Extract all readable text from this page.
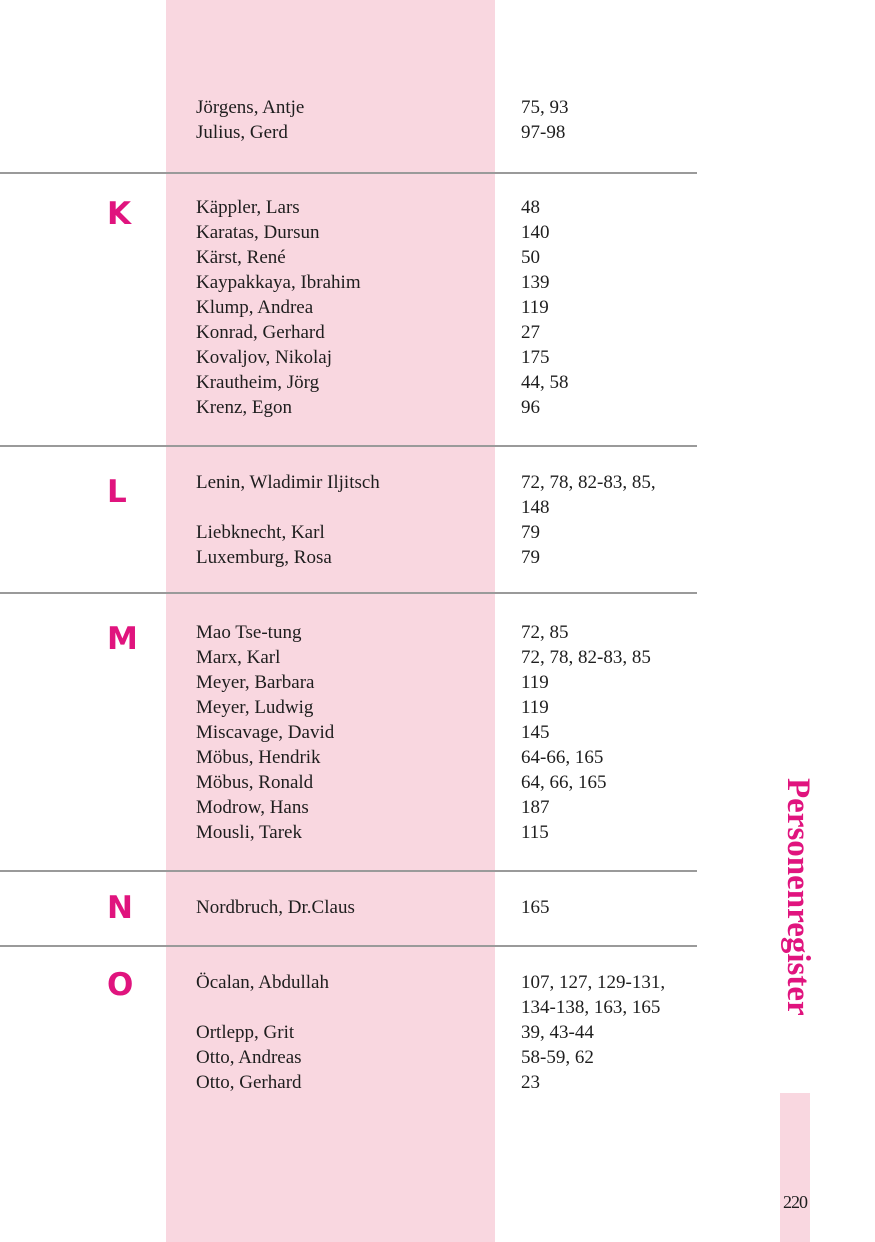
Jörgens, Antje	75, 93
Julius, Gerd	97-98
K	Käppler, Lars	48
Karatas, Dursun	140
Kärst, René	50
Kaypakkaya, Ibrahim	139
Klump, Andrea	119
Konrad, Gerhard	27
Kovaljov, Nikolaj	175
Krautheim, Jörg	44, 58
Krenz, Egon	96
L	Lenin, Wladimir Iljitsch	72, 78, 82-83, 85,
148
Liebknecht, Karl	79
Luxemburg, Rosa	79
M	Mao Tse-tung	72, 85
Marx, Karl	72, 78, 82-83, 85
Meyer, Barbara	119
Meyer, Ludwig	119
Miscavage, David	145
Möbus, Hendrik	64-66, 165
Möbus, Ronald	64, 66, 165
Modrow, Hans	187
Mousli, Tarek	115
N	Nordbruch, Dr.Claus	165
O	Öcalan, Abdullah	107, 127, 129-131,
134-138, 163, 165
Ortlepp, Grit	39, 43-44
Otto, Andreas	58-59, 62
Otto, Gerhard	23
Personenregister
220
